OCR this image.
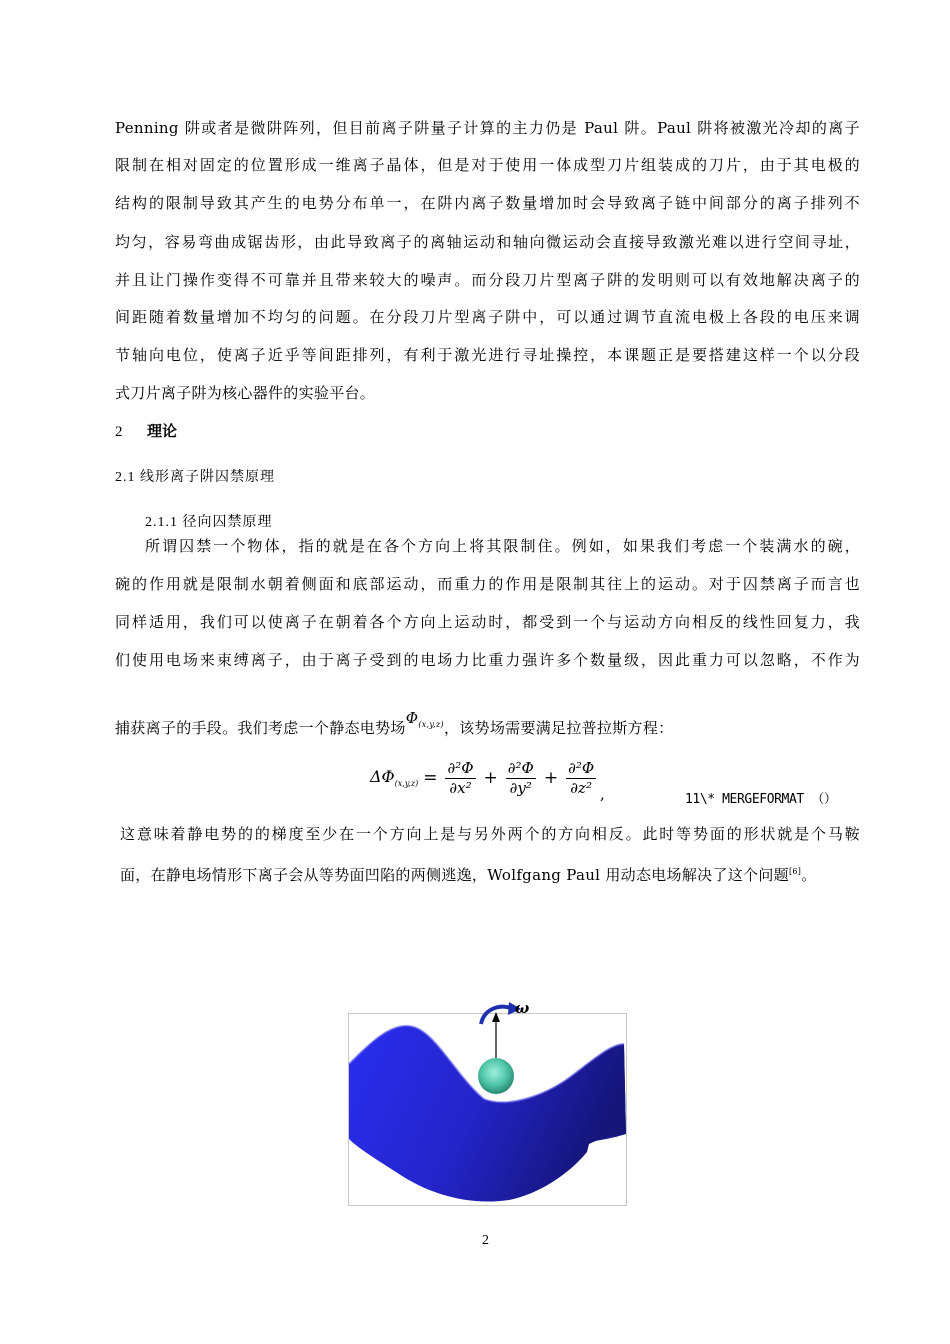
Penning 阱或者是微阱阵列，但目前离子阱量子计算的主力仍是 Paul 阱。Paul 阱将被激光冷却的离子
限制在相对固定的位置形成一维离子晶体，但是对于使用一体成型刀片组装成的刀片，由于其电极的
结构的限制导致其产生的电势分布单一，在阱内离子数量增加时会导致离子链中间部分的离子排列不
均匀，容易弯曲成锯齿形，由此导致离子的离轴运动和轴向微运动会直接导致激光难以进行空间寻址，
并且让门操作变得不可靠并且带来较大的噪声。而分段刀片型离子阱的发明则可以有效地解决离子的
间距随着数量增加不均匀的问题。在分段刀片型离子阱中，可以通过调节直流电极上各段的电压来调
节轴向电位，使离子近乎等间距排列，有利于激光进行寻址操控，本课题正是要搭建这样一个以分段
式刀片离子阱为核心器件的实验平台。
2 理论
2.1 线形离子阱囚禁原理
2.1.1 径向囚禁原理
所谓囚禁一个物体，指的就是在各个方向上将其限制住。例如，如果我们考虑一个装满水的碗，
碗的作用就是限制水朝着侧面和底部运动，而重力的作用是限制其往上的运动。对于囚禁离子而言也
同样适用，我们可以使离子在朝着各个方向上运动时，都受到一个与运动方向相反的线性回复力，我
们使用电场来束缚离子，由于离子受到的电场力比重力强许多个数量级，因此重力可以忽略，不作为
捕获离子的手段。我们考虑一个静态电势场$\Phi_{(x,y,z)}$，该势场需要满足拉普拉斯方程：
$\Delta\Phi_{(x,y,z)} = \frac{\text{∂²Φ}}{\text{∂x²}} + \frac{\text{∂²Φ}}{\text{∂y²}} + \frac{\text{∂²Φ}}{\text{∂z²}}$ ,	11\* MERGEFORMAT （）
这意味着静电势的的梯度至少在一个方向上是与另外两个的方向相反。此时等势面的形状就是个马鞍
面，在静电场情形下离子会从等势面凹陷的两侧逃逸，Wolfgang Paul 用动态电场解决了这个问题[6]。
ω
2
